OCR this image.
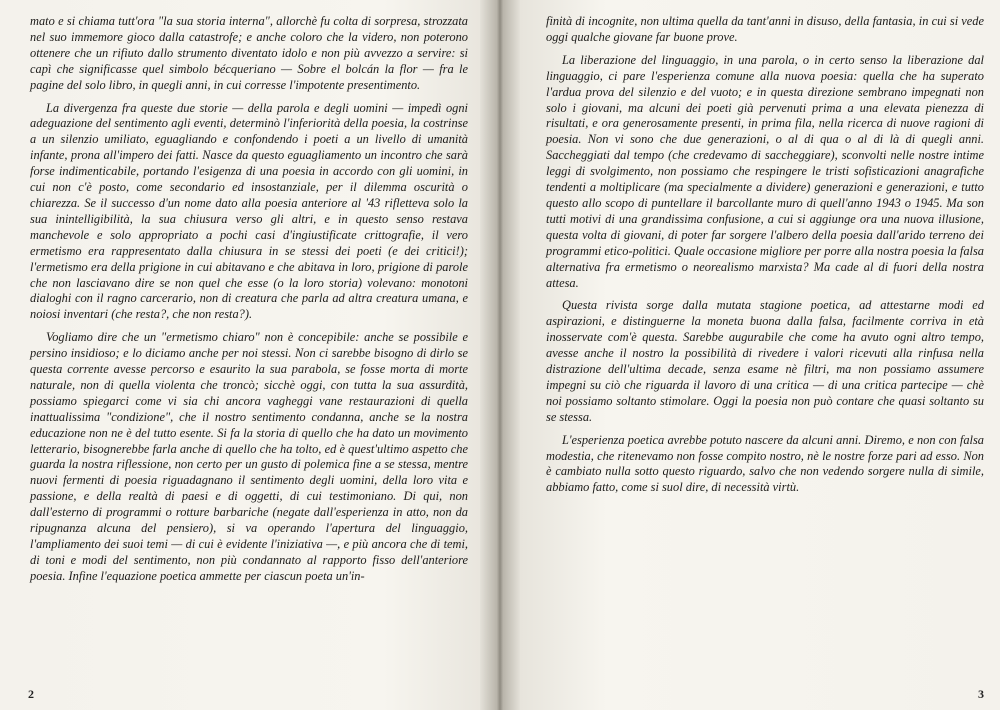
mato e si chiama tutt'ora "la sua storia interna", allorchè fu colta di sorpresa, strozzata nel suo immemore gioco dalla catastrofe; e anche coloro che la videro, non poterono ottenere che un rifiuto dallo strumento diventato idolo e non più avvezzo a servire: si capì che significasse quel simbolo bécqueriano — Sobre el bolcán la flor — fra le pagine del solo libro, in quegli anni, in cui corresse l'impotente presentimento.

La divergenza fra queste due storie — della parola e degli uomini — impedì ogni adeguazione del sentimento agli eventi, determinò l'inferiorità della poesia, la costrinse a un silenzio umiliato, eguagliando e confondendo i poeti a un livello di umanità infante, prona all'impero dei fatti. Nasce da questo eguagliamento un incontro che sarà forse indimenticabile, portando l'esigenza di una poesia in accordo con gli uomini, in cui non c'è posto, come secondario ed insostanziale, per il dilemma oscurità o chiarezza. Se il successo d'un nome dato alla poesia anteriore al '43 rifletteva solo la sua inintelligibilità, la sua chiusura verso gli altri, e in questo senso restava manchevole e solo appropriato a pochi casi d'ingiustificate crittografie, il vero ermetismo era rappresentato dalla chiusura in se stessi dei poeti (e dei critici!); l'ermetismo era della prigione in cui abitavano e che abitava in loro, prigione di parole che non lasciavano dire se non quel che esse (o la loro storia) volevano: monotoni dialoghi con il ragno carcerario, non di creatura che parla ad altra creatura umana, e noiosi inventari (che resta?, che non resta?).

Vogliamo dire che un "ermetismo chiaro" non è concepibile: anche se possibile e persino insidioso; e lo diciamo anche per noi stessi. Non ci sarebbe bisogno di dirlo se questa corrente avesse percorso e esaurito la sua parabola, se fosse morta di morte naturale, non di quella violenta che troncò; sicchè oggi, con tutta la sua assurdità, possiamo spiegarci come vi sia chi ancora vagheggi vane restaurazioni di quella inattualissima "condizione", che il nostro sentimento condanna, anche se la nostra educazione non ne è del tutto esente. Si fa la storia di quello che ha dato un movimento letterario, bisognerebbe farla anche di quello che ha tolto, ed è quest'ultimo aspetto che guarda la nostra riflessione, non certo per un gusto di polemica fine a se stessa, mentre nuovi fermenti di poesia riguadagnano il sentimento degli uomini, della loro vita e passione, e della realtà di paesi e di oggetti, di cui testimoniano. Di qui, non dall'esterno di programmi o rotture barbariche (negate dall'esperienza in atto, non da ripugnanza alcuna del pensiero), si va operando l'apertura del linguaggio, l'ampliamento dei suoi temi — di cui è evidente l'iniziativa —, e più ancora che di temi, di toni e modi del sentimento, non più condannato al rapporto fisso dell'anteriore poesia. Infine l'equazione poetica ammette per ciascun poeta un'in-

2

finità di incognite, non ultima quella da tant'anni in disuso, della fantasia, in cui si vede oggi qualche giovane far buone prove.

La liberazione del linguaggio, in una parola, o in certo senso la liberazione dal linguaggio, ci pare l'esperienza comune alla nuova poesia: quella che ha superato l'ardua prova del silenzio e del vuoto; e in questa direzione sembrano impegnati non solo i giovani, ma alcuni dei poeti già pervenuti prima a una elevata pienezza di risultati, e ora generosamente presenti, in prima fila, nella ricerca di nuove ragioni di poesia. Non vi sono che due generazioni, o al di qua o al di là di quegli anni. Saccheggiati dal tempo (che credevamo di saccheggiare), sconvolti nelle nostre intime leggi di svolgimento, non possiamo che respingere le tristi sofisticazioni anagrafiche tendenti a moltiplicare (ma specialmente a dividere) generazioni e generazioni, e tutto questo allo scopo di puntellare il barcollante muro di quell'anno 1943 o 1945. Ma son tutti motivi di una grandissima confusione, a cui si aggiunge ora una nuova illusione, questa volta di giovani, di poter far sorgere l'albero della poesia dall'arido terreno dei programmi etico-politici. Quale occasione migliore per porre alla nostra poesia la falsa alternativa fra ermetismo o neorealismo marxista? Ma cade al di fuori della nostra attesa.

Questa rivista sorge dalla mutata stagione poetica, ad attestarne modi ed aspirazioni, e distinguerne la moneta buona dalla falsa, facilmente corriva in età inosservate com'è questa. Sarebbe augurabile che come ha avuto ogni altro tempo, avesse anche il nostro la possibilità di rivedere i valori ricevuti alla rinfusa nella distrazione dell'ultima decade, senza esame nè filtri, ma non possiamo assumere impegni su ciò che riguarda il lavoro di una critica — di una critica partecipe — chè noi possiamo soltanto stimolare. Oggi la poesia non può contare che quasi soltanto su se stessa.

L'esperienza poetica avrebbe potuto nascere da alcuni anni. Diremo, e non con falsa modestia, che ritenevamo non fosse compito nostro, nè le nostre forze pari ad esso. Non è cambiato nulla sotto questo riguardo, salvo che non vedendo sorgere nulla di simile, abbiamo fatto, come si suol dire, di necessità virtù.

3
